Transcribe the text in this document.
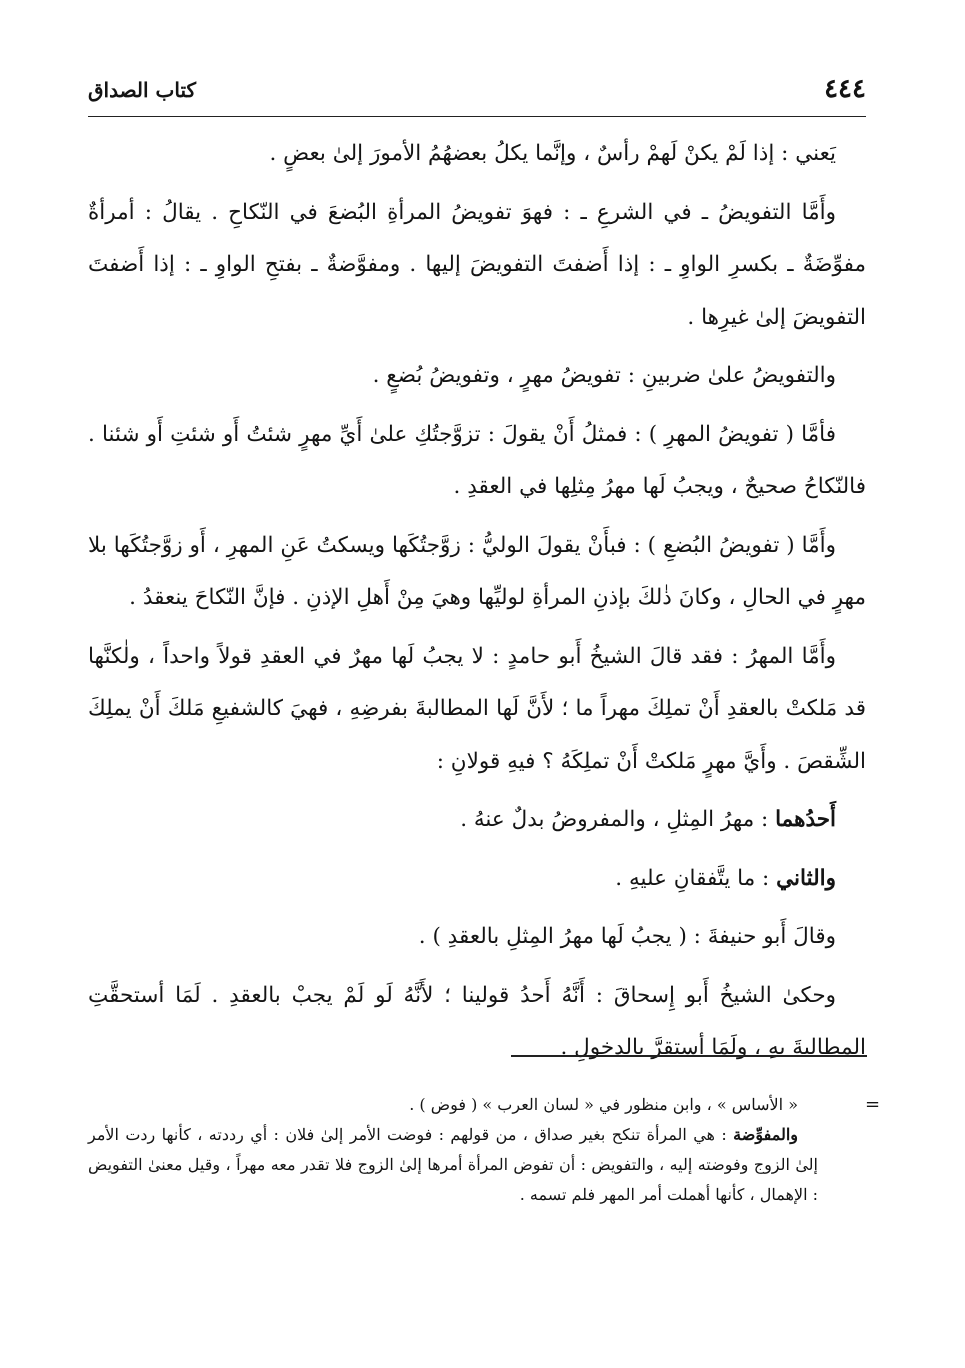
٤٤٤
كتاب الصداق

يَعني : إذا لَمْ يكنْ لَهمْ رأسٌ ، وإنَّما يكلُ بعضهُمُ الأمورَ إلىٰ بعضٍ .

وأَمَّا التفويضُ ـ في الشرعِ ـ : فهوَ تفويضُ المرأةِ البُضعَ في النّكاحِ . يقالُ : أمرأةٌ مفوِّضَةٌ ـ بكسرِ الواوِ ـ : إذا أَضفتَ التفويضَ إليها . ومفوَّضةٌ ـ بفتحِ الواوِ ـ : إذا أَضفتَ التفويضَ إلىٰ غيرِها .

والتفويضُ علىٰ ضربينِ : تفويضُ مهرٍ ، وتفويضُ بُضعٍ .

فأمَّا ( تفويضُ المهرِ ) : فمثلُ أَنْ يقولَ : تزوَّجتُكِ علىٰ أَيِّ مهرٍ شئتُ أَو شئتِ أَو شئنا . فالنّكاحُ صحيحٌ ، ويجبُ لَها مهرُ مِثلِها في العقدِ .

وأَمَّا ( تفويضُ البُضعِ ) : فبأَنْ يقولَ الوليُّ : زوَّجتُكَها ويسكتُ عَنِ المهرِ ، أَو زوَّجتُكَها بلا مهرٍ في الحالِ ، وكانَ ذٰلكَ بإذنِ المرأةِ لوليِّها وهيَ مِنْ أَهلِ الإذنِ . فإنَّ النّكاحَ ينعقدُ .

وأَمَّا المهرُ : فقد قالَ الشيخُ أَبو حامدٍ : لا يجبُ لَها مهرٌ في العقدِ قولاً واحداً ، ولٰكنَّها قد مَلكتْ بالعقدِ أَنْ تملِكَ مهراً ما ؛ لأَنَّ لَها المطالبةَ بفرضِهِ ، فهيَ كالشفيعِ مَلكَ أَنْ يملِكَ الشِّقصَ . وأَيَّ مهرٍ مَلكتْ أَنْ تملِكَهُ ؟ فيهِ قولانِ :

أَحدُهما : مهرُ المِثلِ ، والمفروضُ بدلٌ عنهُ .

والثاني : ما يتَّفقانِ عليهِ .

وقالَ أَبو حنيفةَ : ( يجبُ لَها مهرُ المِثلِ بالعقدِ ) .

وحكىٰ الشيخُ أَبو إِسحاقَ : أَنَّهُ أَحدُ قولينا ؛ لأَنَّهُ لَو لَمْ يجبْ بالعقدِ . لَمَا أستحقَّتِ المطالبةَ بهِ ، ولَمَا أستقرَّ بالدخولِ .

=

« الأساس » ، وابن منظور في « لسان العرب » ( فوض ) .

والمفوِّضة : هي المرأة تنكح بغير صداق ، من قولهم : فوضت الأمر إلىٰ فلان : أي رددته ، كأنها ردت الأمر إلىٰ الزوج وفوضته إليه ، والتفويض : أن تفوض المرأة أمرها إلىٰ الزوج فلا تقدر معه مهراً ، وقيل معنىٰ التفويض : الإهمال ، كأنها أهملت أمر المهر فلم تسمه .
